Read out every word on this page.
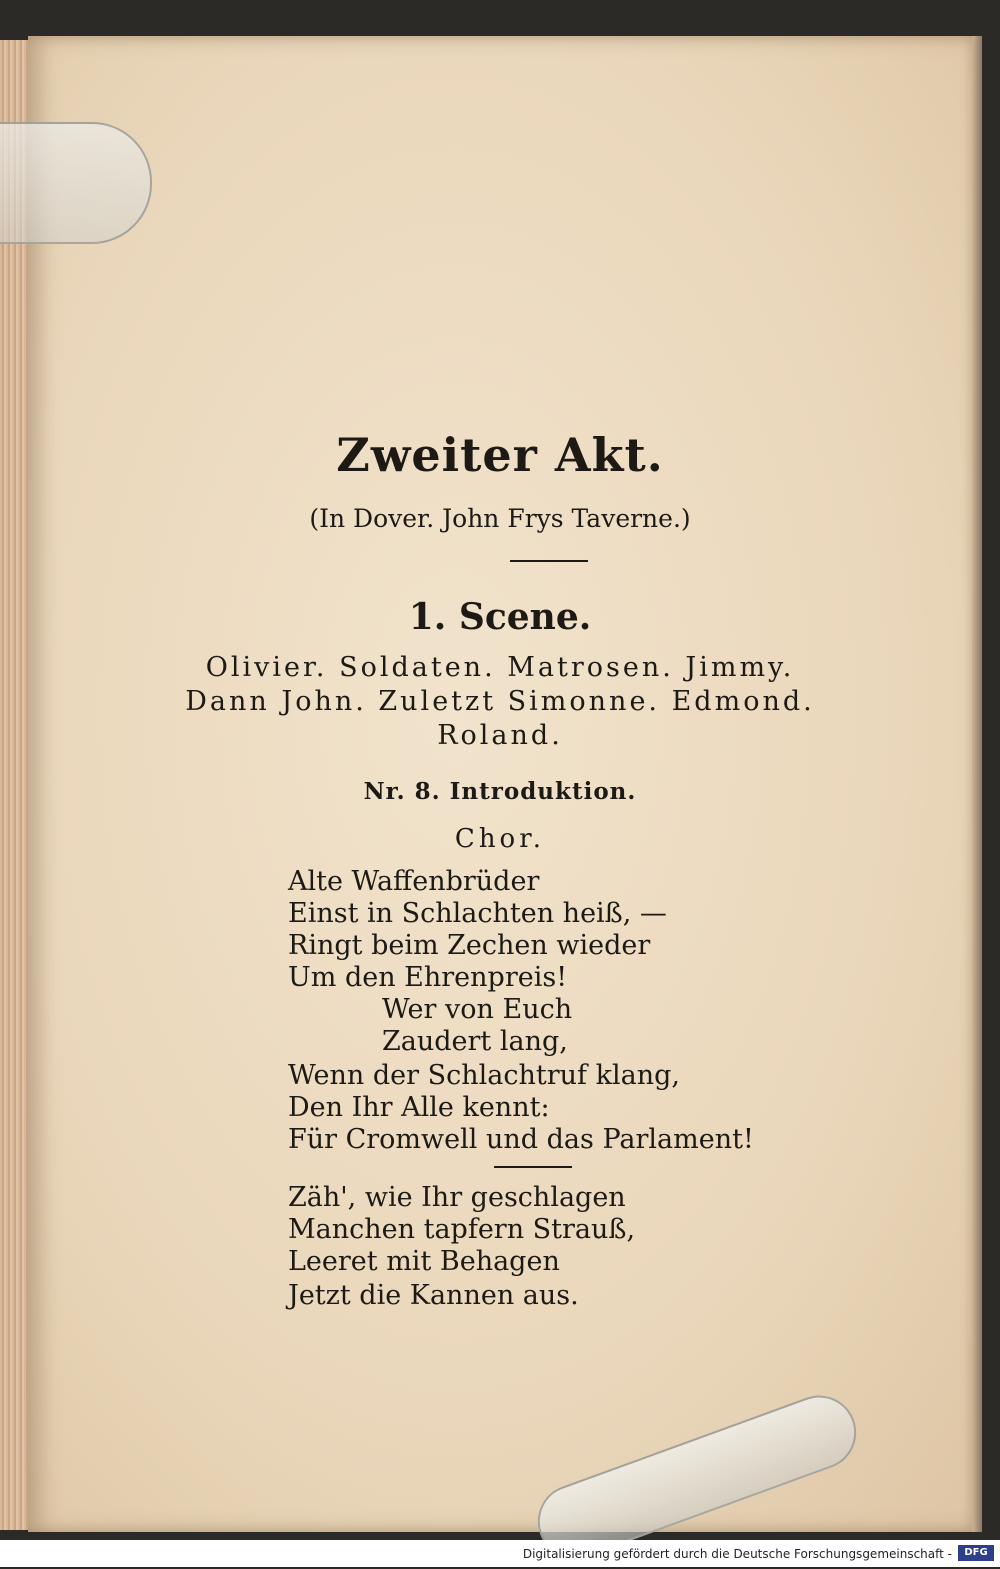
Zweiter Akt.
(In Dover. John Frys Taverne.)
1. Scene.
Olivier. Soldaten. Matrosen. Jimmy.
Dann John. Zuletzt Simonne. Edmond.
Roland.
Nr. 8. Introduktion.
Chor.
Alte Waffenbrüder
Einst in Schlachten heiß, —
Ringt beim Zechen wieder
Um den Ehrenpreis!
Wer von Euch
Zaudert lang,
Wenn der Schlachtruf klang,
Den Ihr Alle kennt:
Für Cromwell und das Parlament!
Zäh', wie Ihr geschlagen
Manchen tapfern Strauß,
Leeret mit Behagen
Jetzt die Kannen aus.
Digitalisierung gefördert durch die Deutsche Forschungsgemeinschaft -	DFG
